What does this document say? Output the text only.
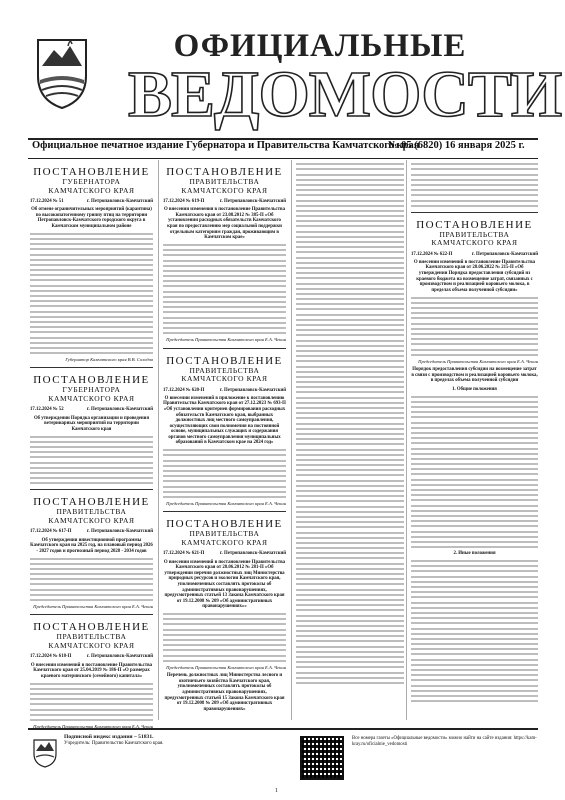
ОФИЦИАЛЬНЫЕ
ВЕДОМОСТИ
Официальное печатное издание Губернатора и Правительства Камчатского края
№ 05 (6820) 16 января 2025 г.
ПОСТАНОВЛЕНИЕ
ГУБЕРНАТОРА КАМЧАТСКОГО КРАЯ
17.12.2024 № 51	г. Петропавловск-Камчатский
Об отмене ограничительных мероприятий (карантина) по высокопатогенному гриппу птиц на территории Петропавловск-Камчатского городского округа в Камчатском муниципальном районе
Губернатор Камчатского края В.В. Солодов
ПОСТАНОВЛЕНИЕ
ГУБЕРНАТОРА КАМЧАТСКОГО КРАЯ
17.12.2024 № 52	г. Петропавловск-Камчатский
Об утверждении Порядка организации и проведения ветеринарных мероприятий на территории Камчатского края
ПОСТАНОВЛЕНИЕ
ПРАВИТЕЛЬСТВА КАМЧАТСКОГО КРАЯ
17.12.2024 № 617-П	г. Петропавловск-Камчатский
Об утверждении инвестиционной программы Камчатского края на 2025 год, на плановый период 2026 - 2027 годов и прогнозный период 2028 - 2034 годов
Председатель Правительства Камчатского края Е.А. Чекин
ПОСТАНОВЛЕНИЕ
ПРАВИТЕЛЬСТВА КАМЧАТСКОГО КРАЯ
17.12.2024 № 618-П	г. Петропавловск-Камчатский
О внесении изменений в постановление Правительства Камчатского края от 25.04.2019 № 186-П «О размерах краевого материнского (семейного) капитала»
Председатель Правительства Камчатского края Е.А. Чекин
ПОСТАНОВЛЕНИЕ
ПРАВИТЕЛЬСТВА КАМЧАТСКОГО КРАЯ
17.12.2024 № 619-П	г. Петропавловск-Камчатский
О внесении изменения в постановление Правительства Камчатского края от 23.08.2012 № 385-П «Об установлении расходных обязательств Камчатского края по предоставлению мер социальной поддержки отдельным категориям граждан, проживающим в Камчатском крае»
Председатель Правительства Камчатского края Е.А. Чекин
ПОСТАНОВЛЕНИЕ
ПРАВИТЕЛЬСТВА КАМЧАТСКОГО КРАЯ
17.12.2024 № 620-П	г. Петропавловск-Камчатский
О внесении изменений в приложение к постановлению Правительства Камчатского края от 27.12.2023 № 693-П «Об установлении критериев формирования расходных обязательств Камчатского края, выбранных должностных лиц местного самоуправления, осуществляющих свои полномочия на постоянной основе, муниципальных служащих и содержания органов местного самоуправления муниципальных образований в Камчатском крае на 2024 год»
Председатель Правительства Камчатского края Е.А. Чекин
ПОСТАНОВЛЕНИЕ
ПРАВИТЕЛЬСТВА КАМЧАТСКОГО КРАЯ
17.12.2024 № 621-П	г. Петропавловск-Камчатский
О внесении изменений в постановление Правительства Камчатского края от 28.06.2012 № 281-П «Об утверждении перечня должностных лиц Министерства природных ресурсов и экологии Камчатского края, уполномоченных составлять протоколы об административных правонарушениях, предусмотренных статьей 13 Закона Камчатского края от 19.12.2008 № 209 «Об административных правонарушениях»»
Председатель Правительства Камчатского края Е.А. Чекин
Перечень должностных лиц Министерства лесного и охотничьего хозяйства Камчатского края, уполномоченных составлять протоколы об административных правонарушениях, предусмотренных статьей 15 Закона Камчатского края от 19.12.2008 № 209 «Об административных правонарушениях»
ПОСТАНОВЛЕНИЕ
ПРАВИТЕЛЬСТВА КАМЧАТСКОГО КРАЯ
17.12.2024 № 622-П	г. Петропавловск-Камчатский
О внесении изменений в постановление Правительства Камчатского края от 28.06.2022 № 215-П «Об утверждении Порядка предоставления субсидий из краевого бюджета на возмещение затрат, связанных с производством и реализацией коровьего молока, в пределах объема полученной субсидии»
Председатель Правительства Камчатского края Е.А. Чекин
Порядок предоставления субсидии на возмещение затрат в связи с производством и реализацией коровьего молока, в пределах объема полученной субсидии
1. Общие положения
2. Иные положения
Подписной индекс издания – 51831.
Учредитель: Правительство Камчатского края.
Все номера газеты «Официальные ведомости» можно найти на сайте издания: https://kam-kray.ru/oficialnie_vedomosti
1
